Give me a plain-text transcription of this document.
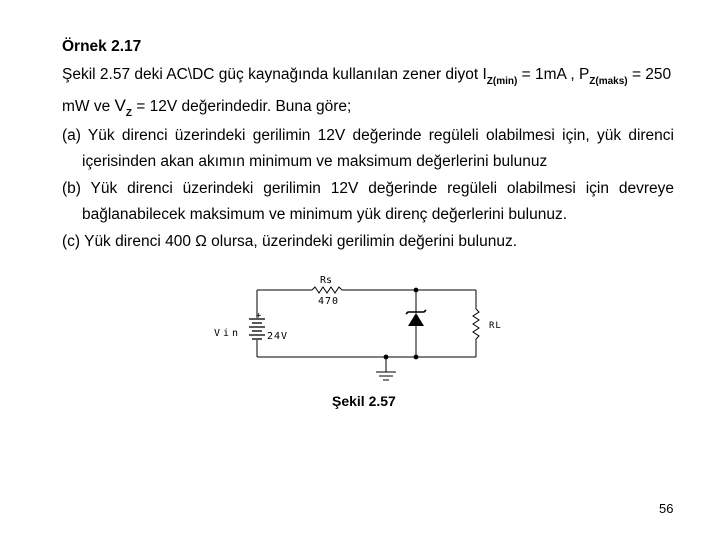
Örnek 2.17
Şekil 2.57 deki AC\DC güç kaynağında kullanılan zener diyot $I_{Z(min)} = 1mA$ , $P_{Z(maks)} = 250$
mW ve $V_Z = 12V$ değerindedir. Buna göre;
(a) Yük direnci üzerindeki gerilimin 12V değerinde regüleli olabilmesi için, yük direnci
içerisinden akan akımın minimum ve maksimum değerlerini bulunuz
(b) Yük direnci üzerindeki gerilimin 12V değerinde regüleli olabilmesi için devreye
bağlanabilecek maksimum ve minimum yük direnç değerlerini bulunuz.
(c) Yük direnci 400 Ω olursa, üzerindeki gerilimin değerini bulunuz.
Rs
470
Vin
+
24V
RL
Şekil 2.57
56
